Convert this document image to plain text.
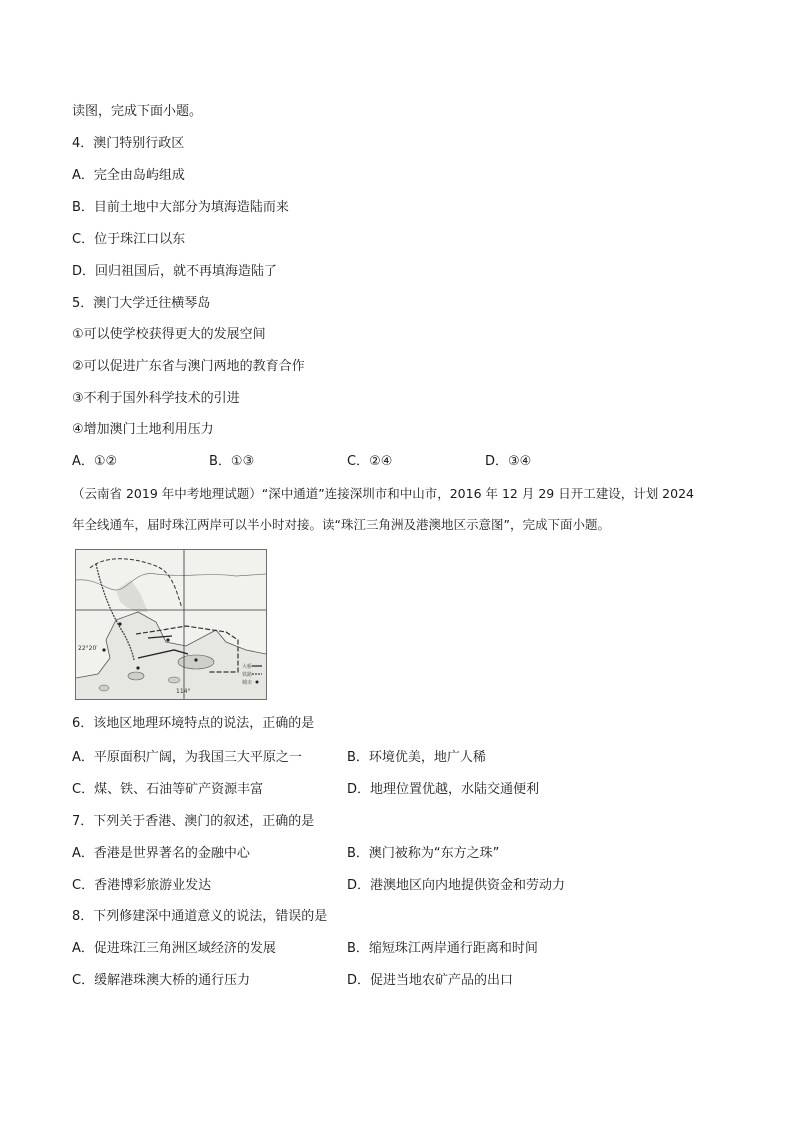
读图，完成下面小题。
4．澳门特别行政区
A．完全由岛屿组成
B．目前土地中大部分为填海造陆而来
C．位于珠江口以东
D．回归祖国后，就不再填海造陆了
5．澳门大学迁往横琴岛
①可以使学校获得更大的发展空间
②可以促进广东省与澳门两地的教育合作
③不利于国外科学技术的引进
④增加澳门土地利用压力
A．①②	B．①③	C．②④	D．③④
（云南省 2019 年中考地理试题）“深中通道”连接深圳市和中山市，2016 年 12 月 29 日开工建设，计划 2024
年全线通车，届时珠江两岸可以半小时对接。读“珠江三角洲及港澳地区示意图”，完成下面小题。
22°20′
114°
大桥
铁路
城市
6．该地区地理环境特点的说法，正确的是
A．平原面积广阔，为我国三大平原之一	B．环境优美，地广人稀
C．煤、铁、石油等矿产资源丰富	D．地理位置优越，水陆交通便利
7．下列关于香港、澳门的叙述，正确的是
A．香港是世界著名的金融中心	B．澳门被称为“东方之珠”
C．香港博彩旅游业发达	D．港澳地区向内地提供资金和劳动力
8．下列修建深中通道意义的说法，错误的是
A．促进珠江三角洲区域经济的发展	B．缩短珠江两岸通行距离和时间
C．缓解港珠澳大桥的通行压力	D．促进当地农矿产品的出口
